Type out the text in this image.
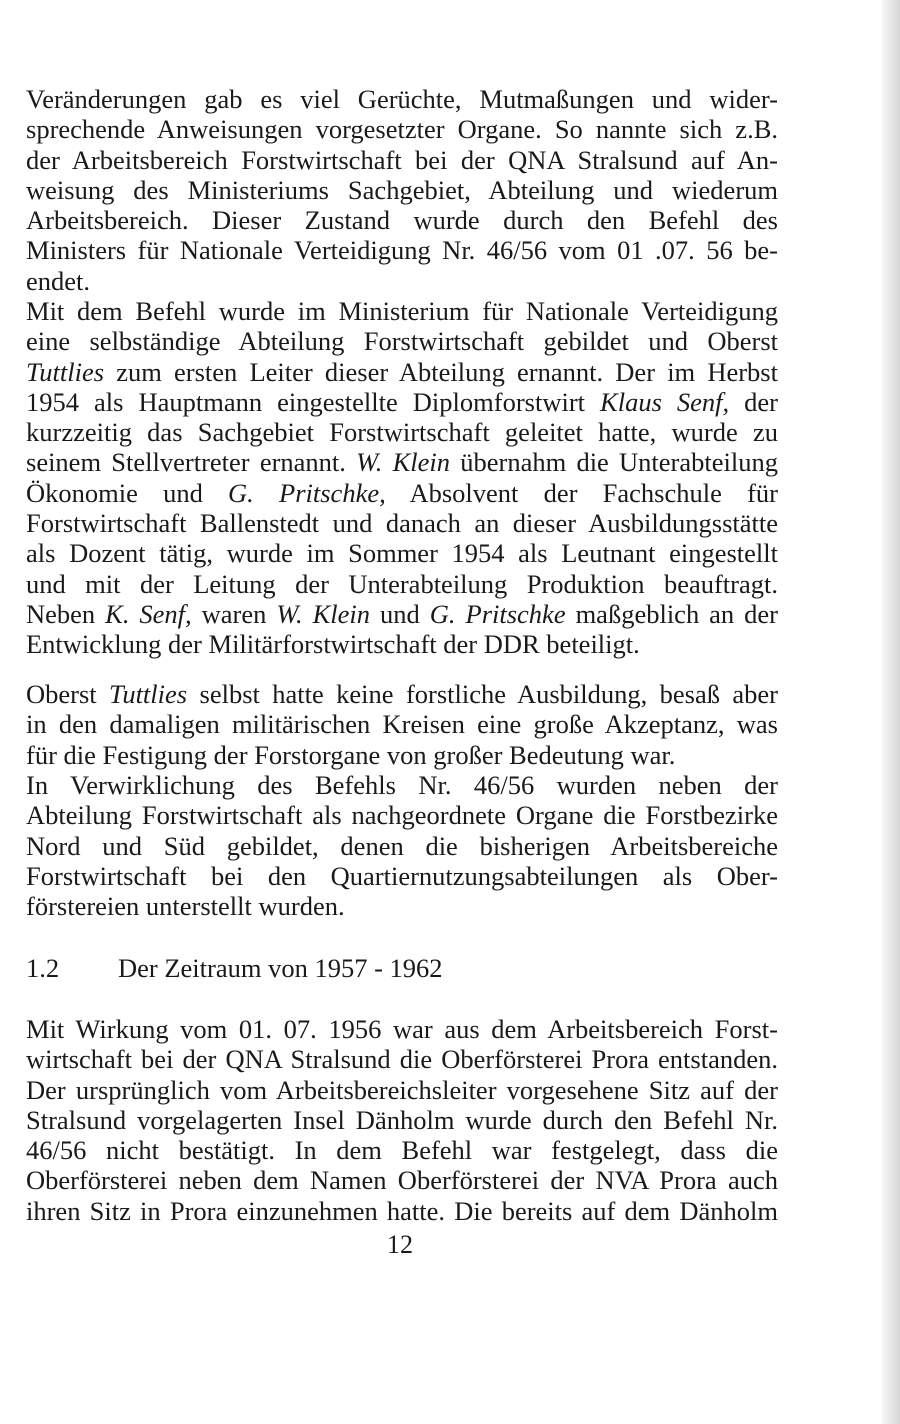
Veränderungen gab es viel Gerüchte, Mutmaßungen und wider-
sprechende Anweisungen vorgesetzter Organe. So nannte sich z.B.
der Arbeitsbereich Forstwirtschaft bei der QNA Stralsund auf An-
weisung des Ministeriums Sachgebiet, Abteilung und wiederum
Arbeitsbereich. Dieser Zustand wurde durch den Befehl des
Ministers für Nationale Verteidigung Nr. 46/56 vom 01 .07. 56 be-
endet.
Mit dem Befehl wurde im Ministerium für Nationale Verteidigung
eine selbständige Abteilung Forstwirtschaft gebildet und Oberst
Tuttlies zum ersten Leiter dieser Abteilung ernannt. Der im Herbst
1954 als Hauptmann eingestellte Diplomforstwirt Klaus Senf, der
kurzzeitig das Sachgebiet Forstwirtschaft geleitet hatte, wurde zu
seinem Stellvertreter ernannt. W. Klein übernahm die Unterabteilung
Ökonomie und G. Pritschke, Absolvent der Fachschule für
Forstwirtschaft Ballenstedt und danach an dieser Ausbildungsstätte
als Dozent tätig, wurde im Sommer 1954 als Leutnant eingestellt
und mit der Leitung der Unterabteilung Produktion beauftragt.
Neben K. Senf, waren W. Klein und G. Pritschke maßgeblich an der
Entwicklung der Militärforstwirtschaft der DDR beteiligt.
Oberst Tuttlies selbst hatte keine forstliche Ausbildung, besaß aber
in den damaligen militärischen Kreisen eine große Akzeptanz, was
für die Festigung der Forstorgane von großer Bedeutung war.
In Verwirklichung des Befehls Nr. 46/56 wurden neben der
Abteilung Forstwirtschaft als nachgeordnete Organe die Forstbezirke
Nord und Süd gebildet, denen die bisherigen Arbeitsbereiche
Forstwirtschaft bei den Quartiernutzungsabteilungen als Ober-
förstereien unterstellt wurden.
1.2 Der Zeitraum von 1957 - 1962
Mit Wirkung vom 01. 07. 1956 war aus dem Arbeitsbereich Forst-
wirtschaft bei der QNA Stralsund die Oberförsterei Prora entstanden.
Der ursprünglich vom Arbeitsbereichsleiter vorgesehene Sitz auf der
Stralsund vorgelagerten Insel Dänholm wurde durch den Befehl Nr.
46/56 nicht bestätigt. In dem Befehl war festgelegt, dass die
Oberförsterei neben dem Namen Oberförsterei der NVA Prora auch
ihren Sitz in Prora einzunehmen hatte. Die bereits auf dem Dänholm
12
